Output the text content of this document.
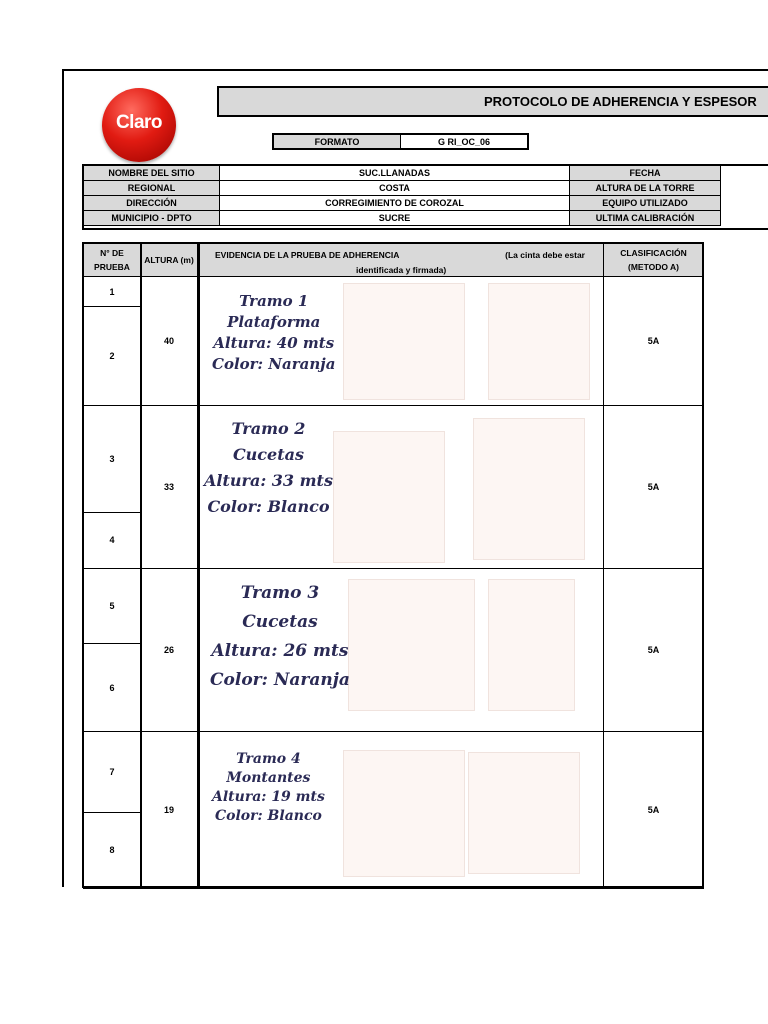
Claro
PROTOCOLO DE ADHERENCIA Y ESPESOR
FORMATO	G RI_OC_06
NOMBRE DEL SITIO	SUC.LLANADAS	FECHA
REGIONAL	COSTA	ALTURA DE LA TORRE
DIRECCIÓN	CORREGIMIENTO DE COROZAL	EQUIPO UTILIZADO
MUNICIPIO - DPTO	SUCRE	ULTIMA CALIBRACIÓN
N° DE PRUEBA	ALTURA (m)	EVIDENCIA DE LA PRUEBA DE ADHERENCIA (La cinta debe estar
identificada y firmada)	CLASIFICACIÓN (METODO A)
1	40	Tramo 1
Plataforma
Altura: 40 mts
Color: Naranja	5A
2			
3	33	Tramo 2
Cucetas
Altura: 33 mts
Color: Blanco	5A
4			
5	26	Tramo 3
Cucetas
Altura: 26 mts
Color: Naranja	5A
6			
7	19	Tramo 4
Montantes
Altura: 19 mts
Color: Blanco	5A
8			
